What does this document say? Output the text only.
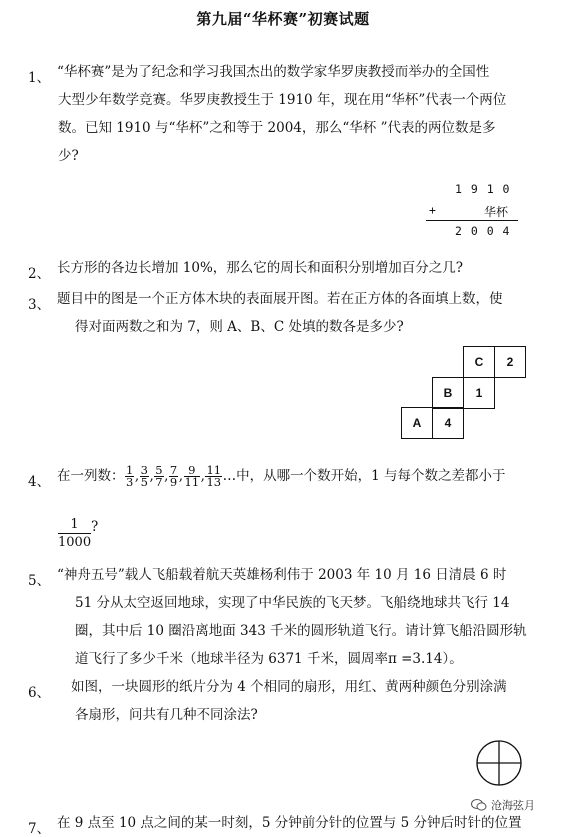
第九届“华杯赛”初赛试题
1、 “华杯赛”是为了纪念和学习我国杰出的数学家华罗庚教授而举办的全国性
大型少年数学竞赛。华罗庚教授生于 1910 年，现在用“华杯”代表一个两位
数。已知 1910 与“华杯”之和等于 2004，那么“华杯 ”代表的两位数是多
少?
1 9 1 0
+	华杯
2 0 0 4
2、 长方形的各边长增加 10%，那么它的周长和面积分别增加百分之几?
3、 题目中的图是一个正方体木块的表面展开图。若在正方体的各面填上数，使
得对面两数之和为 7，则 A、B、C 处填的数各是多少?
C	2
B	1
A	4
4、 在一列数： $\frac{1}{3}$ , $\frac{3}{5}$ , $\frac{5}{7}$ , $\frac{7}{9}$ , $\frac{9}{11}$ , $\frac{11}{13}$ …中，从哪一个数开始，1 与每个数之差都小于
$\frac{1}{1000}$ ?
5、 “神舟五号”载人飞船载着航天英雄杨利伟于 2003 年 10 月 16 日清晨 6 时
51 分从太空返回地球，实现了中华民族的飞天梦。飞船绕地球共飞行 14
圈，其中后 10 圈沿离地面 343 千米的圆形轨道飞行。请计算飞船沿圆形轨
道飞行了多少千米（地球半径为 6371 千米，圆周率π =3.14）。
6、 如图，一块圆形的纸片分为 4 个相同的扇形，用红、黄两种颜色分别涂满
各扇形，问共有几种不同涂法?
7、 在 9 点至 10 点之间的某一时刻，5 分钟前分针的位置与 5 分钟后时针的位置
沧海弦月
